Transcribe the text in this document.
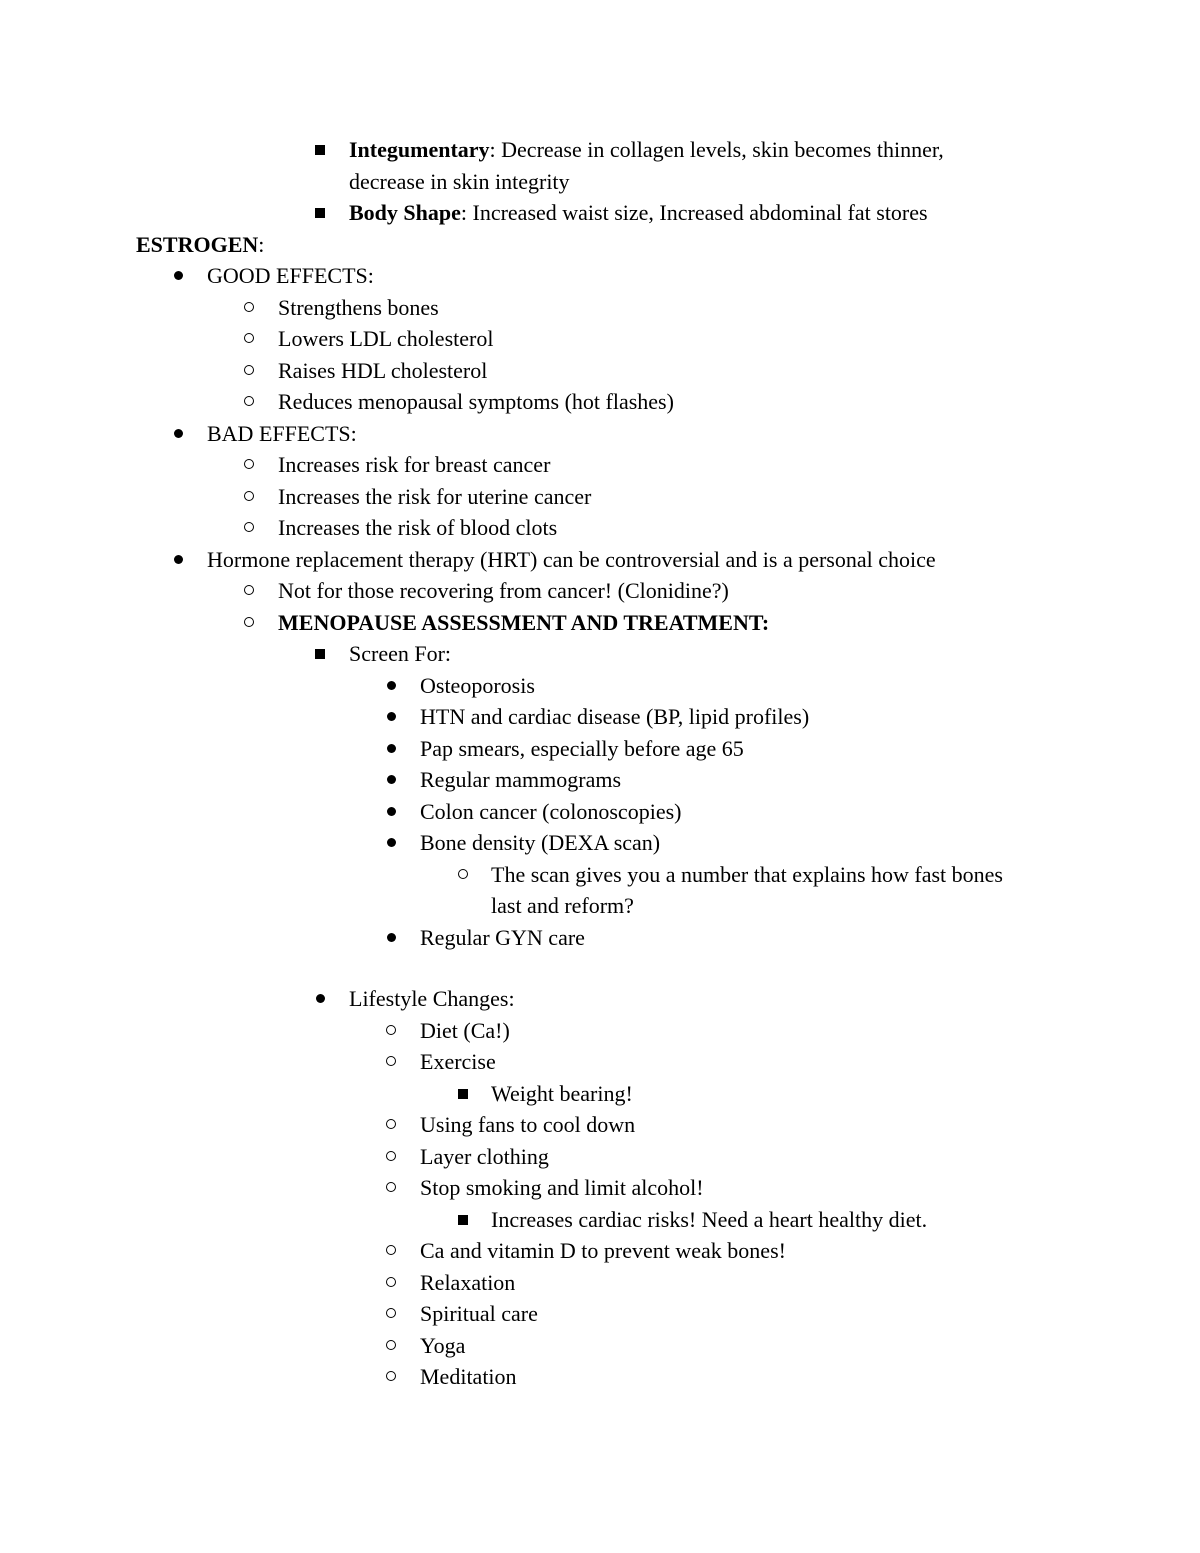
Integumentary: Decrease in collagen levels, skin becomes thinner,
decrease in skin integrity
Body Shape: Increased waist size, Increased abdominal fat stores
ESTROGEN:
GOOD EFFECTS:
Strengthens bones
Lowers LDL cholesterol
Raises HDL cholesterol
Reduces menopausal symptoms (hot flashes)
BAD EFFECTS:
Increases risk for breast cancer
Increases the risk for uterine cancer
Increases the risk of blood clots
Hormone replacement therapy (HRT) can be controversial and is a personal choice
Not for those recovering from cancer! (Clonidine?)
MENOPAUSE ASSESSMENT AND TREATMENT:
Screen For:
Osteoporosis
HTN and cardiac disease (BP, lipid profiles)
Pap smears, especially before age 65
Regular mammograms
Colon cancer (colonoscopies)
Bone density (DEXA scan)
The scan gives you a number that explains how fast bones
last and reform?
Regular GYN care
Lifestyle Changes:
Diet (Ca!)
Exercise
Weight bearing!
Using fans to cool down
Layer clothing
Stop smoking and limit alcohol!
Increases cardiac risks! Need a heart healthy diet.
Ca and vitamin D to prevent weak bones!
Relaxation
Spiritual care
Yoga
Meditation
